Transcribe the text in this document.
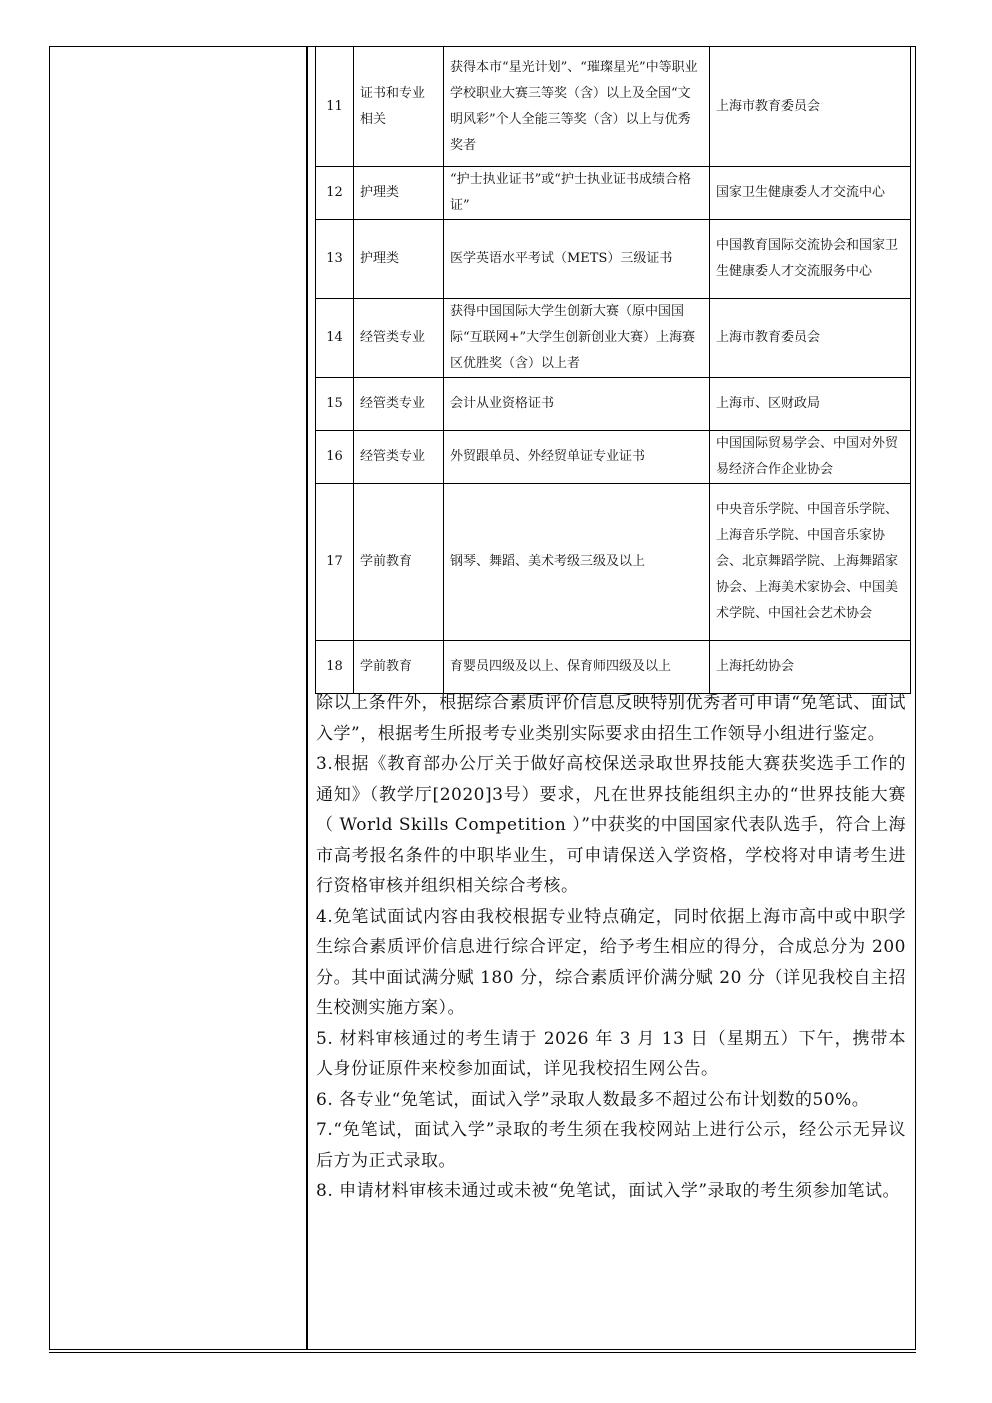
11	证书和专业相关	获得本市“星光计划”、“璀璨星光”中等职业学校职业大赛三等奖（含）以上及全国“文明风彩”个人全能三等奖（含）以上与优秀奖者	上海市教育委员会
12	护理类	“护士执业证书”或“护士执业证书成绩合格证”	国家卫生健康委人才交流中心
13	护理类	医学英语水平考试（METS）三级证书	中国教育国际交流协会和国家卫生健康委人才交流服务中心
14	经管类专业	获得中国国际大学生创新大赛（原中国国际“互联网+”大学生创新创业大赛）上海赛区优胜奖（含）以上者	上海市教育委员会
15	经管类专业	会计从业资格证书	上海市、区财政局
16	经管类专业	外贸跟单员、外经贸单证专业证书	中国国际贸易学会、中国对外贸易经济合作企业协会
17	学前教育	钢琴、舞蹈、美术考级三级及以上	中央音乐学院、中国音乐学院、上海音乐学院、中国音乐家协会、北京舞蹈学院、上海舞蹈家协会、上海美术家协会、中国美术学院、中国社会艺术协会
18	学前教育	育婴员四级及以上、保育师四级及以上	上海托幼协会

除以上条件外，根据综合素质评价信息反映特别优秀者可申请“免笔试、面试入学”，根据考生所报考专业类别实际要求由招生工作领导小组进行鉴定。

3.根据《教育部办公厅关于做好高校保送录取世界技能大赛获奖选手工作的通知》（教学厅[2020]3号）要求，凡在世界技能组织主办的“世界技能大赛（ World Skills Competition ）”中获奖的中国国家代表队选手，符合上海市高考报名条件的中职毕业生，可申请保送入学资格，学校将对申请考生进行资格审核并组织相关综合考核。

4.免笔试面试内容由我校根据专业特点确定，同时依据上海市高中或中职学生综合素质评价信息进行综合评定，给予考生相应的得分，合成总分为 200 分。其中面试满分赋 180 分，综合素质评价满分赋 20 分（详见我校自主招生校测实施方案）。

5. 材料审核通过的考生请于 2026 年 3 月 13 日（星期五）下午，携带本人身份证原件来校参加面试，详见我校招生网公告。

6. 各专业“免笔试，面试入学”录取人数最多不超过公布计划数的50%。

7.“免笔试，面试入学”录取的考生须在我校网站上进行公示，经公示无异议后方为正式录取。

8. 申请材料审核未通过或未被“免笔试，面试入学”录取的考生须参加笔试。
